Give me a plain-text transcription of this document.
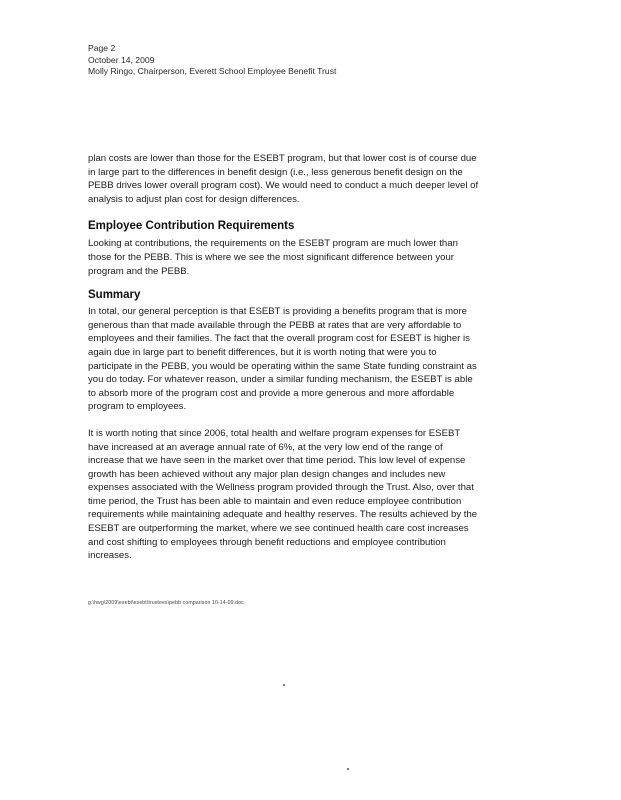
Page 2
October 14, 2009
Molly Ringo, Chairperson, Everett School Employee Benefit Trust

plan costs are lower than those for the ESEBT program, but that lower cost is of course due
in large part to the differences in benefit design (i.e., less generous benefit design on the
PEBB drives lower overall program cost). We would need to conduct a much deeper level of
analysis to adjust plan cost for design differences.

Employee Contribution Requirements

Looking at contributions, the requirements on the ESEBT program are much lower than
those for the PEBB. This is where we see the most significant difference between your
program and the PEBB.

Summary

In total, our general perception is that ESEBT is providing a benefits program that is more
generous than that made available through the PEBB at rates that are very affordable to
employees and their families. The fact that the overall program cost for ESEBT is higher is
again due in large part to benefit differences, but it is worth noting that were you to
participate in the PEBB, you would be operating within the same State funding constraint as
you do today. For whatever reason, under a similar funding mechanism, the ESEBT is able
to absorb more of the program cost and provide a more generous and more affordable
program to employees.

It is worth noting that since 2006, total health and welfare program expenses for ESEBT
have increased at an average annual rate of 6%, at the very low end of the range of
increase that we have seen in the market over that time period. This low level of expense
growth has been achieved without any major plan design changes and includes new
expenses associated with the Wellness program provided through the Trust. Also, over that
time period, the Trust has been able to maintain and even reduce employee contribution
requirements while maintaining adequate and healthy reserves. The results achieved by the
ESEBT are outperforming the market, where we see continued health care cost increases
and cost shifting to employees through benefit reductions and employee contribution
increases.

g:\hwg\2009\esebt\esebt\trustees\pebb comparison 10-14-09.doc
